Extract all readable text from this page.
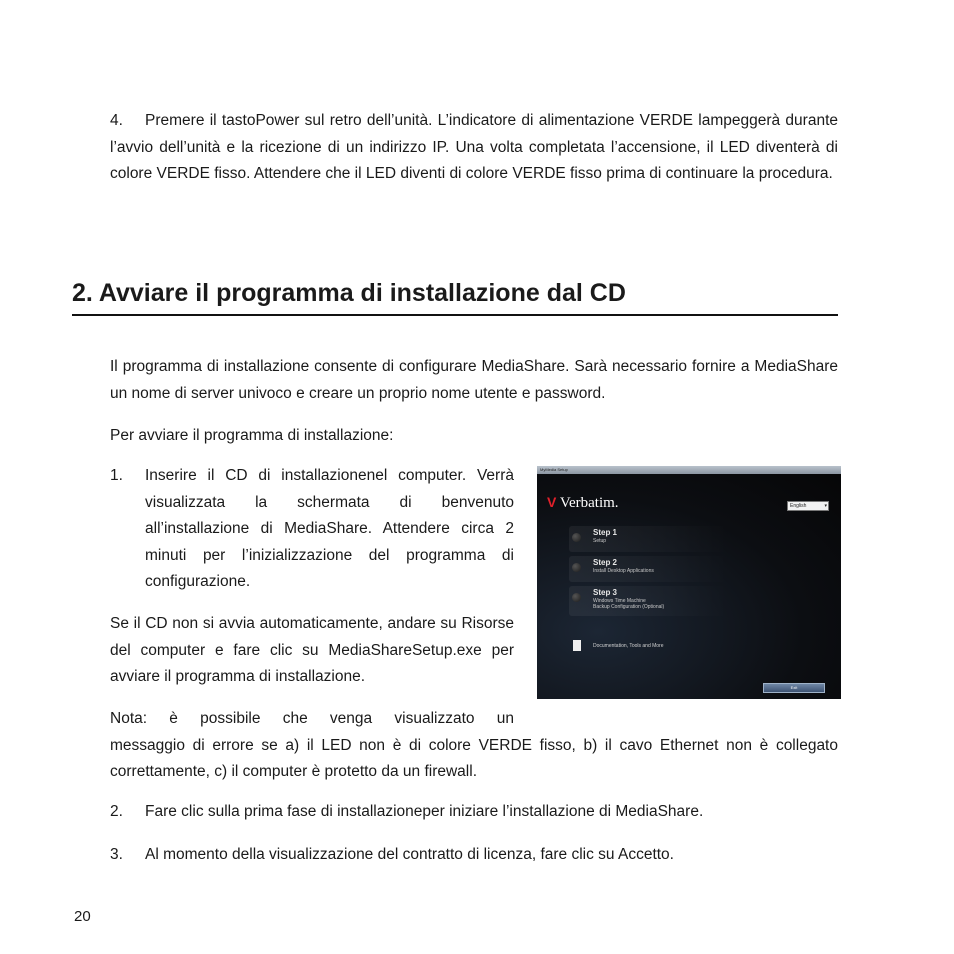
4. Premere il tastoPower sul retro dell’unità. L’indicatore di alimentazione VERDE lampeggerà durante l’avvio dell’unità e la ricezione di un indirizzo IP. Una volta completata l’accensione, il LED diventerà di colore VERDE fisso. Attendere che il LED diventi di colore VERDE fisso prima di continuare la procedura.

2. Avviare il programma di installazione dal CD

Il programma di installazione consente di configurare MediaShare. Sarà necessario fornire a MediaShare un nome di server univoco e creare un proprio nome utente e password.

Per avviare il programma di installazione:

1. Inserire il CD di installazionenel computer. Verrà visualizzata la schermata di benvenuto all’installazione di MediaShare. Attendere circa 2 minuti per l’inizializzazione del programma di configurazione.

Se il CD non si avvia automaticamente, andare su Risorse del computer e fare clic su MediaShareSetup.exe per avviare il programma di installazione.

Nota: è possibile che venga visualizzato un
messaggio di errore se a) il LED non è di colore VERDE fisso, b) il cavo Ethernet non è collegato correttamente, c) il computer è protetto da un firewall.

2. Fare clic sulla prima fase di installazioneper iniziare l’installazione di MediaShare.

3. Al momento della visualizzazione del contratto di licenza, fare clic su Accetto.

MyMedia Setup
V Verbatim.	English	▾
Step 1
Setup
Step 2
Install Desktop Applications
Step 3
Windows Time Machine
Backup Configuration (Optional)
Documentation, Tools and More
Exit
20
